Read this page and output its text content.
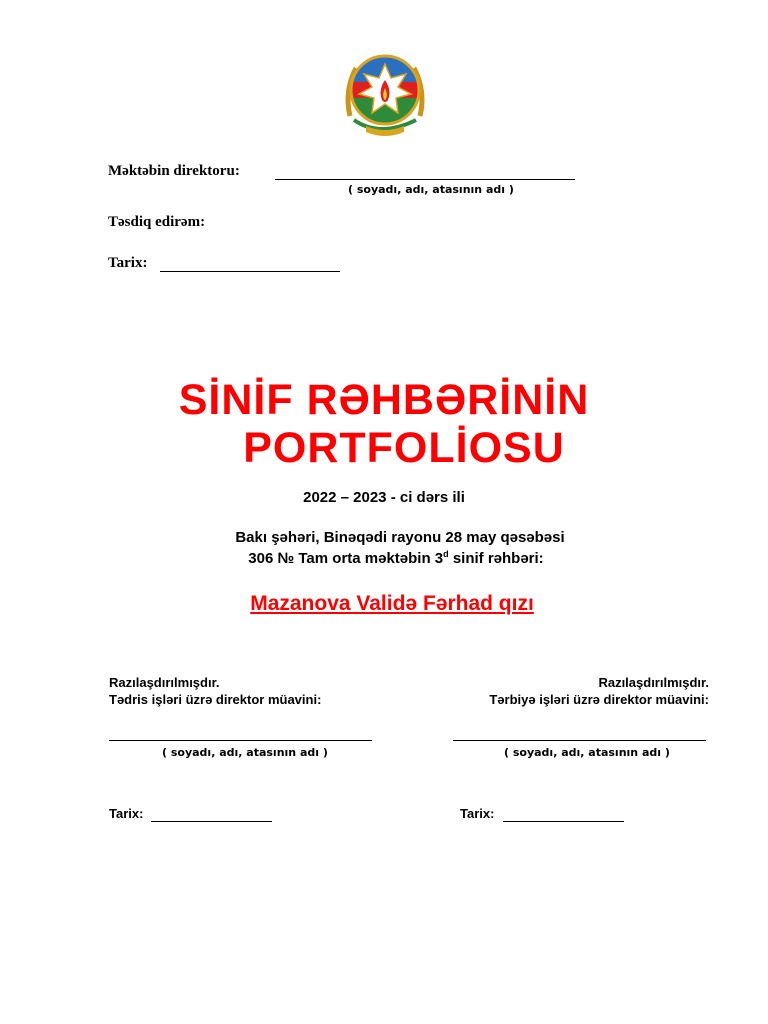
Məktəbin direktoru:
( soyadı, adı, atasının adı )
Təsdiq edirəm:
Tarix:
SİNİF RƏHBƏRİNİN
PORTFOLİOSU
2022 – 2023 - ci dərs ili
Bakı şəhəri, Binəqədi rayonu 28 may qəsəbəsi
306 № Tam orta məktəbin 3$^d$ sinif rəhbəri:
Mazanova Validə Fərhad qızı
Razılaşdırılmışdır.
Tədris işləri üzrə direktor müavini:
( soyadı, adı, atasının adı )
Tarix:
Razılaşdırılmışdır.
Tərbiyə işləri üzrə direktor müavini:
( soyadı, adı, atasının adı )
Tarix:
